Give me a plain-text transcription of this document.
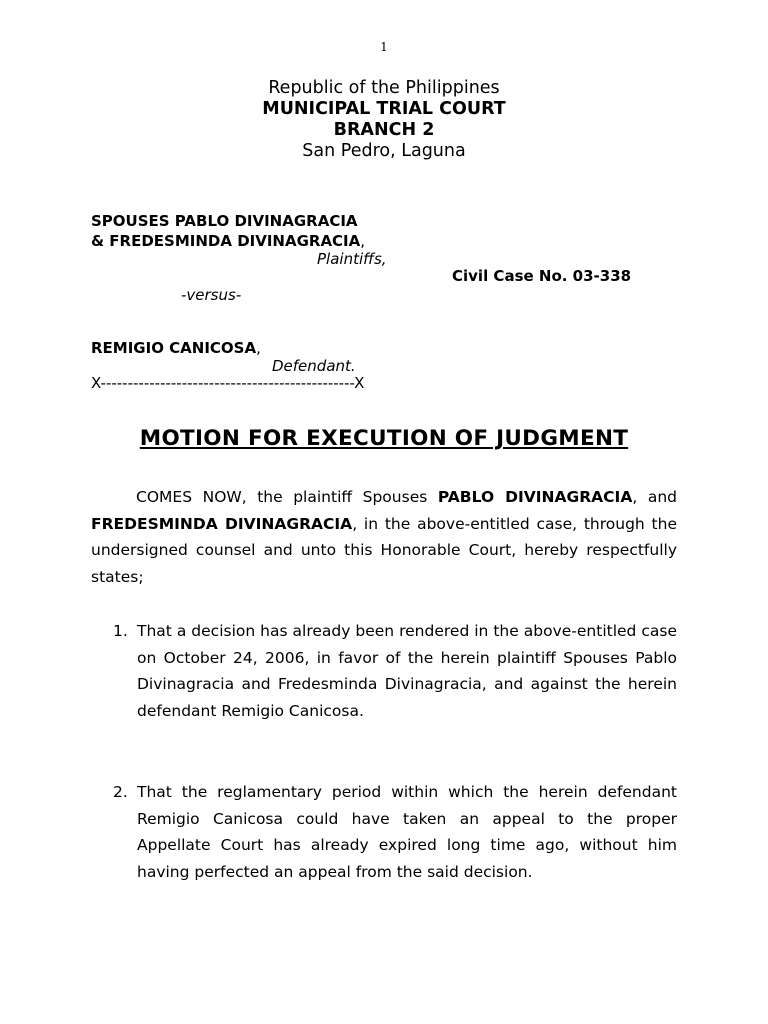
1
Republic of the Philippines
MUNICIPAL TRIAL COURT
BRANCH 2
San Pedro, Laguna
SPOUSES PABLO DIVINAGRACIA
& FREDESMINDA DIVINAGRACIA,
Plaintiffs,
Civil Case No. 03-338
-versus-
REMIGIO CANICOSA,
Defendant.
X-----------------------------------------------X
MOTION FOR EXECUTION OF JUDGMENT
COMES NOW, the plaintiff Spouses PABLO DIVINAGRACIA, and FREDESMINDA DIVINAGRACIA, in the above-entitled case, through the undersigned counsel and unto this Honorable Court, hereby respectfully states;
1. That a decision has already been rendered in the above-entitled case on October 24, 2006, in favor of the herein plaintiff Spouses Pablo Divinagracia and Fredesminda Divinagracia, and against the herein defendant Remigio Canicosa.
2. That the reglamentary period within which the herein defendant Remigio Canicosa could have taken an appeal to the proper Appellate Court has already expired long time ago, without him having perfected an appeal from the said decision.
